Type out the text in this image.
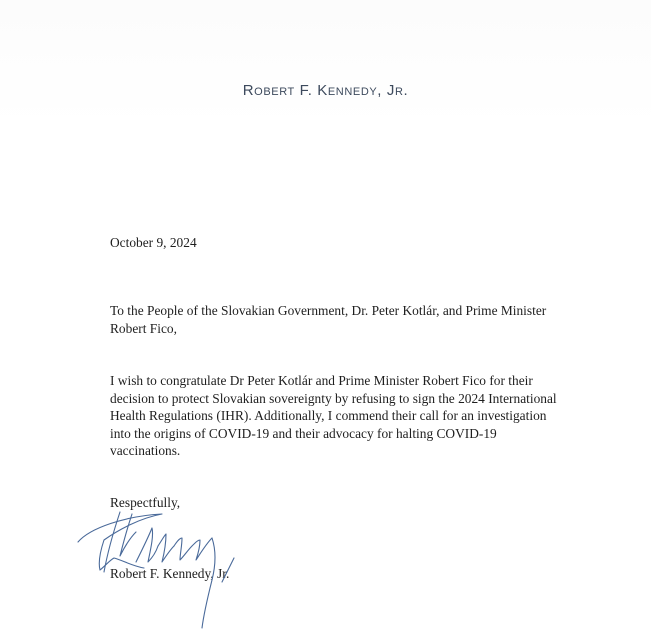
Robert F. Kennedy, Jr.
October 9, 2024
To the People of the Slovakian Government, Dr. Peter Kotlár, and Prime Minister Robert Fico,
I wish to congratulate Dr Peter Kotlár and Prime Minister Robert Fico for their decision to protect Slovakian sovereignty by refusing to sign the 2024 International Health Regulations (IHR). Additionally, I commend their call for an investigation into the origins of COVID-19 and their advocacy for halting COVID-19 vaccinations.
Respectfully,
Robert F. Kennedy, Jr.
